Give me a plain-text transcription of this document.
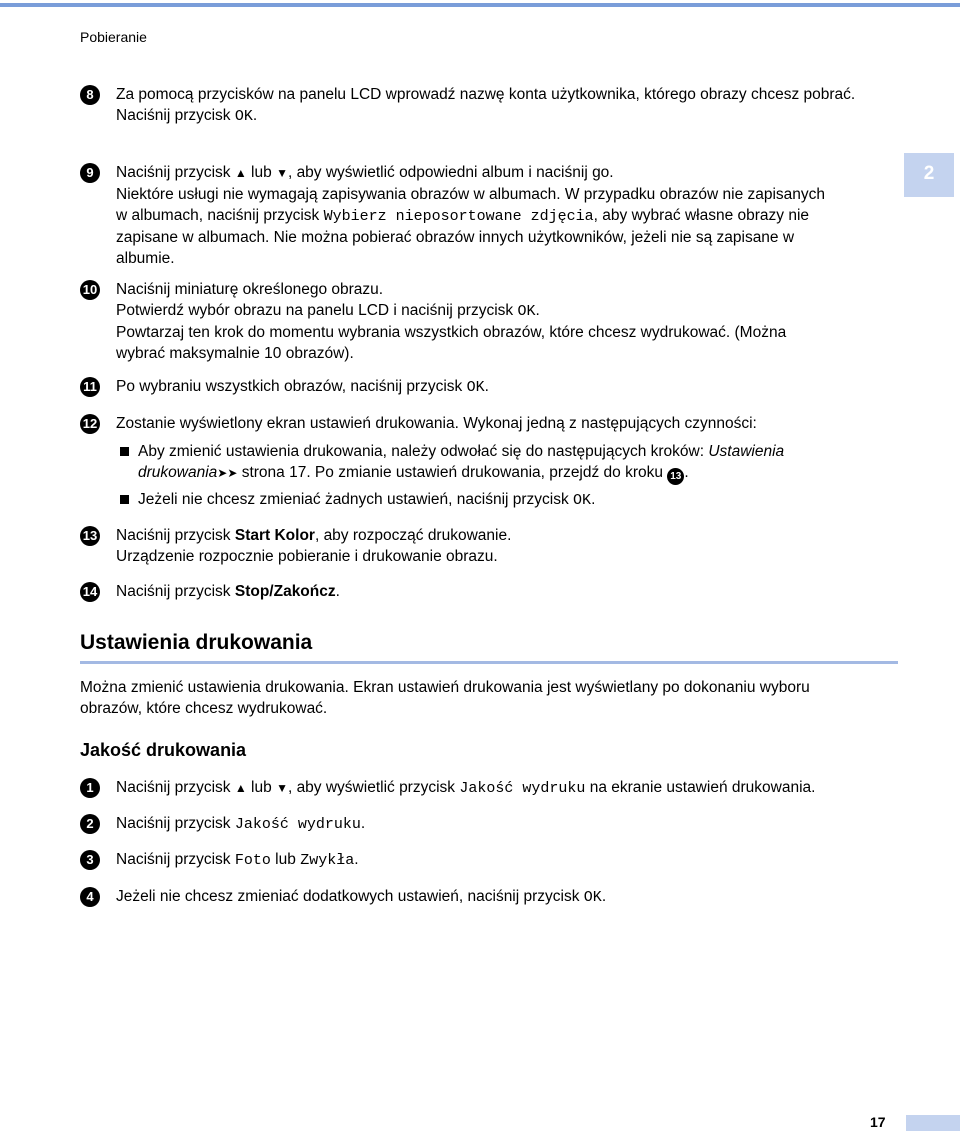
Pobieranie
2
8	Za pomocą przycisków na panelu LCD wprowadź nazwę konta użytkownika, którego obrazy chcesz pobrać.
Naciśnij przycisk OK.
9	Naciśnij przycisk ▲ lub ▼, aby wyświetlić odpowiedni album i naciśnij go.
Niektóre usługi nie wymagają zapisywania obrazów w albumach. W przypadku obrazów nie zapisanych
w albumach, naciśnij przycisk Wybierz nieposortowane zdjęcia, aby wybrać własne obrazy nie
zapisane w albumach. Nie można pobierać obrazów innych użytkowników, jeżeli nie są zapisane w
albumie.
10 Naciśnij miniaturę określonego obrazu.
Potwierdź wybór obrazu na panelu LCD i naciśnij przycisk OK.
Powtarzaj ten krok do momentu wybrania wszystkich obrazów, które chcesz wydrukować. (Można
wybrać maksymalnie 10 obrazów).
11 Po wybraniu wszystkich obrazów, naciśnij przycisk OK.
12 Zostanie wyświetlony ekran ustawień drukowania. Wykonaj jedną z następujących czynności:
Aby zmienić ustawienia drukowania, należy odwołać się do następujących kroków: Ustawienia
drukowania➤➤ strona 17. Po zmianie ustawień drukowania, przejdź do kroku 13 .
Jeżeli nie chcesz zmieniać żadnych ustawień, naciśnij przycisk OK.
13 Naciśnij przycisk Start Kolor, aby rozpocząć drukowanie.
Urządzenie rozpocznie pobieranie i drukowanie obrazu.
14 Naciśnij przycisk Stop/Zakończ.
Ustawienia drukowania
Można zmienić ustawienia drukowania. Ekran ustawień drukowania jest wyświetlany po dokonaniu wyboru
obrazów, które chcesz wydrukować.
Jakość drukowania
1	Naciśnij przycisk ▲ lub ▼, aby wyświetlić przycisk Jakość wydruku na ekranie ustawień drukowania.
2	Naciśnij przycisk Jakość wydruku.
3	Naciśnij przycisk Foto lub Zwykła.
4	Jeżeli nie chcesz zmieniać dodatkowych ustawień, naciśnij przycisk OK.
17
